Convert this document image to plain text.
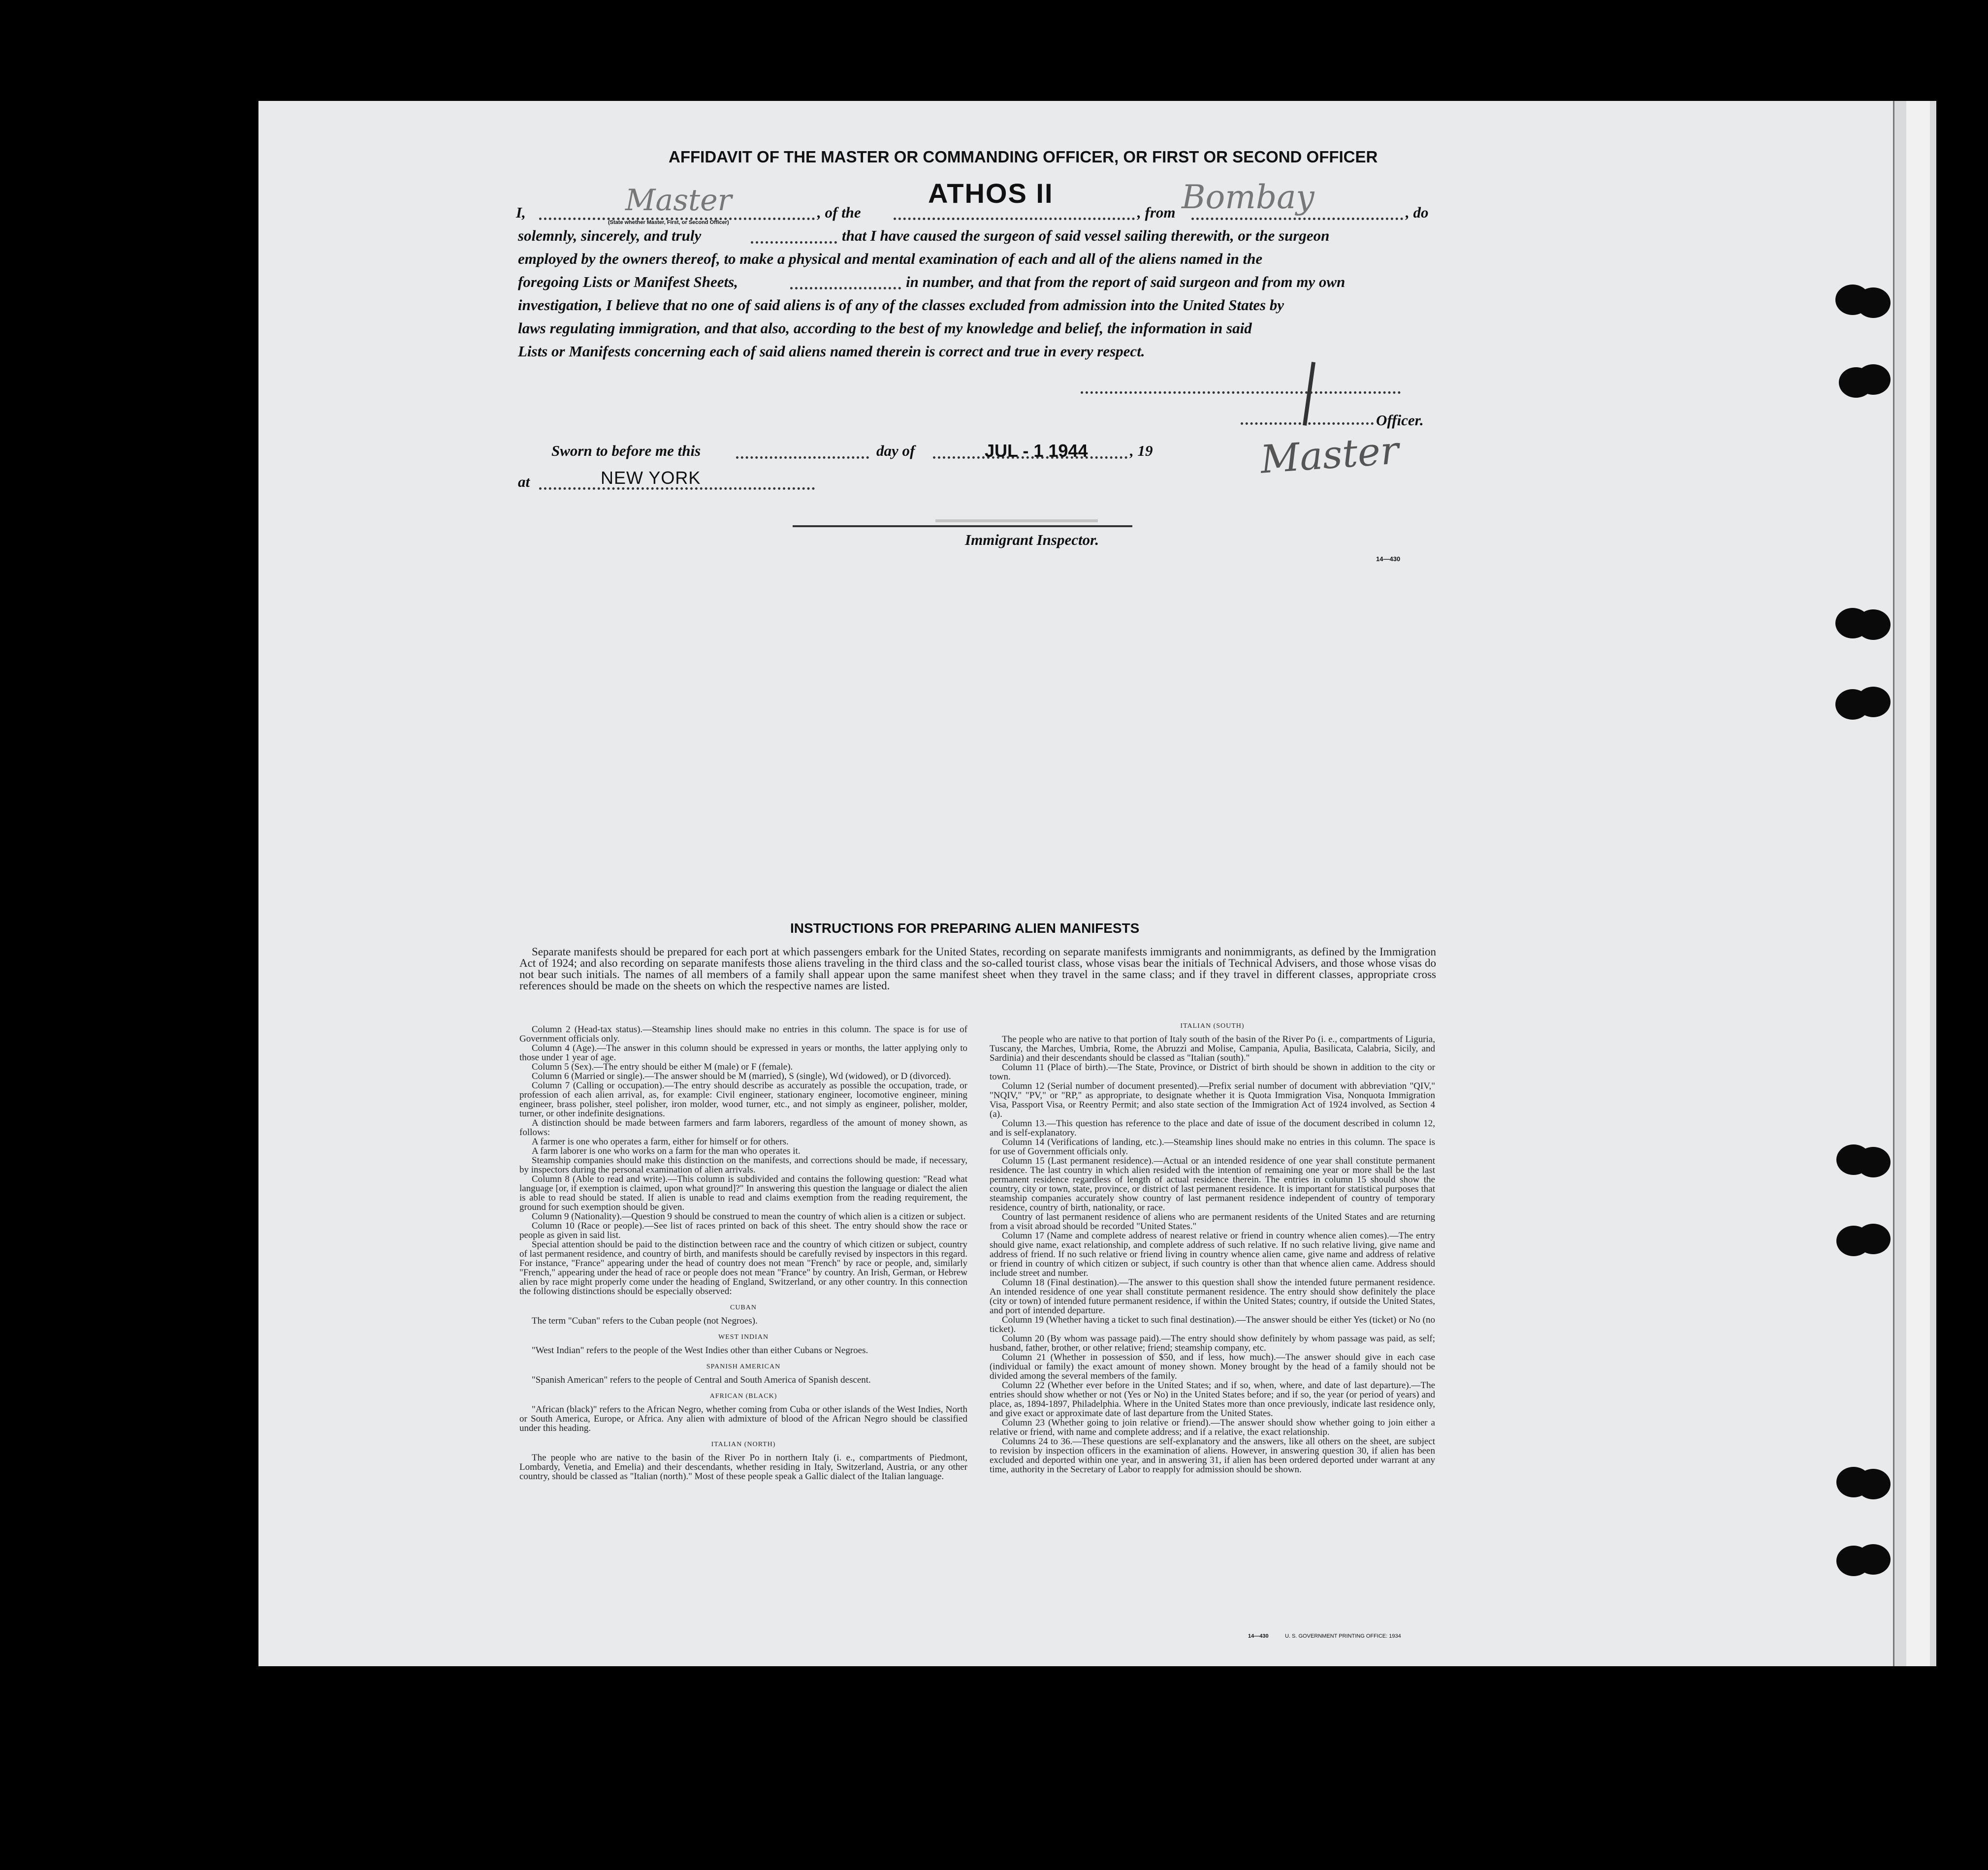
AFFIDAVIT OF THE MASTER OR COMMANDING OFFICER, OR FIRST OR SECOND OFFICER
I,	Master
(State whether Master, First, or Second Officer)
, of the
ATHOS II
, from Bombay	, do
solemnly, sincerely, and truly	that I have caused the surgeon of said vessel sailing therewith, or the surgeon
employed by the owners thereof, to make a physical and mental examination of each and all of the aliens named in the
foregoing Lists or Manifest Sheets,	in number, and that from the report of said surgeon and from my own
investigation, I believe that no one of said aliens is of any of the classes excluded from admission into the United States by
laws regulating immigration, and that also, according to the best of my knowledge and belief, the information in said
Lists or Manifests concerning each of said aliens named therein is correct and true in every respect.
Officer.
Master
Sworn to before me this	day of	JUL - 1 1944	, 19
at	NEW YORK
Immigrant Inspector.
14—430
INSTRUCTIONS FOR PREPARING ALIEN MANIFESTS

Separate manifests should be prepared for each port at which passengers embark for the United States, recording on separate manifests immigrants and nonimmigrants, as defined by the Immigration Act of 1924; and also recording on separate manifests those aliens traveling in the third class and the so-called tourist class, whose visas bear the initials of Technical Advisers, and those whose visas do not bear such initials. The names of all members of a family shall appear upon the same manifest sheet when they travel in the same class; and if they travel in different classes, appropriate cross references should be made on the sheets on which the respective names are listed.

Column 2 (Head-tax status).—Steamship lines should make no entries in this column. The space is for use of Government officials only.

Column 4 (Age).—The answer in this column should be expressed in years or months, the latter applying only to those under 1 year of age.

Column 5 (Sex).—The entry should be either M (male) or F (female).

Column 6 (Married or single).—The answer should be M (married), S (single), Wd (widowed), or D (divorced).

Column 7 (Calling or occupation).—The entry should describe as accurately as possible the occupation, trade, or profession of each alien arrival, as, for example: Civil engineer, stationary engineer, locomotive engineer, mining engineer, brass polisher, steel polisher, iron molder, wood turner, etc., and not simply as engineer, polisher, molder, turner, or other indefinite designations.

A distinction should be made between farmers and farm laborers, regardless of the amount of money shown, as follows:

A farmer is one who operates a farm, either for himself or for others.

A farm laborer is one who works on a farm for the man who operates it.

Steamship companies should make this distinction on the manifests, and corrections should be made, if necessary, by inspectors during the personal examination of alien arrivals.

Column 8 (Able to read and write).—This column is subdivided and contains the following question: "Read what language [or, if exemption is claimed, upon what ground]?" In answering this question the language or dialect the alien is able to read should be stated. If alien is unable to read and claims exemption from the reading requirement, the ground for such exemption should be given.

Column 9 (Nationality).—Question 9 should be construed to mean the country of which alien is a citizen or subject.

Column 10 (Race or people).—See list of races printed on back of this sheet. The entry should show the race or people as given in said list.

Special attention should be paid to the distinction between race and the country of which citizen or subject, country of last permanent residence, and country of birth, and manifests should be carefully revised by inspectors in this regard. For instance, "France" appearing under the head of country does not mean "French" by race or people, and, similarly "French," appearing under the head of race or people does not mean "France" by country. An Irish, German, or Hebrew alien by race might properly come under the heading of England, Switzerland, or any other country. In this connection the following distinctions should be especially observed:

CUBAN

The term "Cuban" refers to the Cuban people (not Negroes).

WEST INDIAN

"West Indian" refers to the people of the West Indies other than either Cubans or Negroes.

SPANISH AMERICAN

"Spanish American" refers to the people of Central and South America of Spanish descent.

AFRICAN (BLACK)

"African (black)" refers to the African Negro, whether coming from Cuba or other islands of the West Indies, North or South America, Europe, or Africa. Any alien with admixture of blood of the African Negro should be classified under this heading.

ITALIAN (NORTH)

The people who are native to the basin of the River Po in northern Italy (i. e., compartments of Piedmont, Lombardy, Venetia, and Emelia) and their descendants, whether residing in Italy, Switzerland, Austria, or any other country, should be classed as "Italian (north)." Most of these people speak a Gallic dialect of the Italian language.

ITALIAN (SOUTH)

The people who are native to that portion of Italy south of the basin of the River Po (i. e., compartments of Liguria, Tuscany, the Marches, Umbria, Rome, the Abruzzi and Molise, Campania, Apulia, Basilicata, Calabria, Sicily, and Sardinia) and their descendants should be classed as "Italian (south)."

Column 11 (Place of birth).—The State, Province, or District of birth should be shown in addition to the city or town.

Column 12 (Serial number of document presented).—Prefix serial number of document with abbreviation "QIV," "NQIV," "PV," or "RP," as appropriate, to designate whether it is Quota Immigration Visa, Nonquota Immigration Visa, Passport Visa, or Reentry Permit; and also state section of the Immigration Act of 1924 involved, as Section 4 (a).

Column 13.—This question has reference to the place and date of issue of the document described in column 12, and is self-explanatory.

Column 14 (Verifications of landing, etc.).—Steamship lines should make no entries in this column. The space is for use of Government officials only.

Column 15 (Last permanent residence).—Actual or an intended residence of one year shall constitute permanent residence. The last country in which alien resided with the intention of remaining one year or more shall be the last permanent residence regardless of length of actual residence therein. The entries in column 15 should show the country, city or town, state, province, or district of last permanent residence. It is important for statistical purposes that steamship companies accurately show country of last permanent residence independent of country of temporary residence, country of birth, nationality, or race.

Country of last permanent residence of aliens who are permanent residents of the United States and are returning from a visit abroad should be recorded "United States."

Column 17 (Name and complete address of nearest relative or friend in country whence alien comes).—The entry should give name, exact relationship, and complete address of such relative. If no such relative living, give name and address of friend. If no such relative or friend living in country whence alien came, give name and address of relative or friend in country of which citizen or subject, if such country is other than that whence alien came. Address should include street and number.

Column 18 (Final destination).—The answer to this question shall show the intended future permanent residence. An intended residence of one year shall constitute permanent residence. The entry should show definitely the place (city or town) of intended future permanent residence, if within the United States; country, if outside the United States, and port of intended departure.

Column 19 (Whether having a ticket to such final destination).—The answer should be either Yes (ticket) or No (no ticket).

Column 20 (By whom was passage paid).—The entry should show definitely by whom passage was paid, as self; husband, father, brother, or other relative; friend; steamship company, etc.

Column 21 (Whether in possession of $50, and if less, how much).—The answer should give in each case (individual or family) the exact amount of money shown. Money brought by the head of a family should not be divided among the several members of the family.

Column 22 (Whether ever before in the United States; and if so, when, where, and date of last departure).—The entries should show whether or not (Yes or No) in the United States before; and if so, the year (or period of years) and place, as, 1894-1897, Philadelphia. Where in the United States more than once previously, indicate last residence only, and give exact or approximate date of last departure from the United States.

Column 23 (Whether going to join relative or friend).—The answer should show whether going to join either a relative or friend, with name and complete address; and if a relative, the exact relationship.

Columns 24 to 36.—These questions are self-explanatory and the answers, like all others on the sheet, are subject to revision by inspection officers in the examination of aliens. However, in answering question 30, if alien has been excluded and deported within one year, and in answering 31, if alien has been ordered deported under warrant at any time, authority in the Secretary of Labor to reapply for admission should be shown.

14—430	U. S. GOVERNMENT PRINTING OFFICE: 1934
